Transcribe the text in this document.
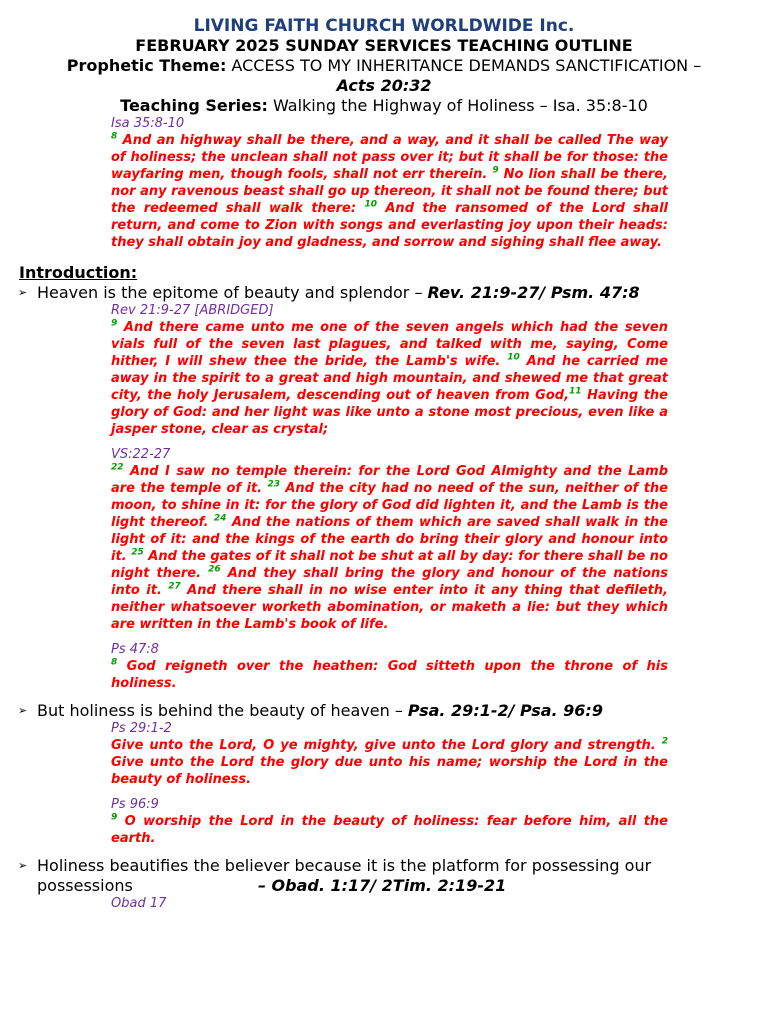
LIVING FAITH CHURCH WORLDWIDE Inc.
FEBRUARY 2025 SUNDAY SERVICES TEACHING OUTLINE
Prophetic Theme: ACCESS TO MY INHERITANCE DEMANDS SANCTIFICATION –
Acts 20:32
Teaching Series: Walking the Highway of Holiness – Isa. 35:8-10
Isa 35:8-10
$^8$ And an highway shall be there, and a way, and it shall be called The way of holiness; the unclean shall not pass over it; but it shall be for those: the wayfaring men, though fools, shall not err therein. $^9$ No lion shall be there, nor any ravenous beast shall go up thereon, it shall not be found there; but the redeemed shall walk there: $^{10}$ And the ransomed of the Lord shall return, and come to Zion with songs and everlasting joy upon their heads: they shall obtain joy and gladness, and sorrow and sighing shall flee away.
Introduction:
➢ Heaven is the epitome of beauty and splendor – Rev. 21:9-27/ Psm. 47:8
Rev 21:9-27 [ABRIDGED]
$^9$ And there came unto me one of the seven angels which had the seven vials full of the seven last plagues, and talked with me, saying, Come hither, I will shew thee the bride, the Lamb's wife. $^{10}$ And he carried me away in the spirit to a great and high mountain, and shewed me that great city, the holy Jerusalem, descending out of heaven from God,$^{11}$ Having the glory of God: and her light was like unto a stone most precious, even like a jasper stone, clear as crystal;
VS:22-27
$^{22}$ And I saw no temple therein: for the Lord God Almighty and the Lamb are the temple of it. $^{23}$ And the city had no need of the sun, neither of the moon, to shine in it: for the glory of God did lighten it, and the Lamb is the light thereof. $^{24}$ And the nations of them which are saved shall walk in the light of it: and the kings of the earth do bring their glory and honour into it. $^{25}$ And the gates of it shall not be shut at all by day: for there shall be no night there. $^{26}$ And they shall bring the glory and honour of the nations into it. $^{27}$ And there shall in no wise enter into it any thing that defileth, neither whatsoever worketh abomination, or maketh a lie: but they which are written in the Lamb's book of life.
Ps 47:8
$^8$ God reigneth over the heathen: God sitteth upon the throne of his holiness.
➢ But holiness is behind the beauty of heaven – Psa. 29:1-2/ Psa. 96:9
Ps 29:1-2
Give unto the Lord, O ye mighty, give unto the Lord glory and strength. $^2$ Give unto the Lord the glory due unto his name; worship the Lord in the beauty of holiness.
Ps 96:9
$^9$ O worship the Lord in the beauty of holiness: fear before him, all the earth.
➢ Holiness beautifies the believer because it is the platform for possessing our possessions	– Obad. 1:17/ 2Tim. 2:19-21
Obad 17
